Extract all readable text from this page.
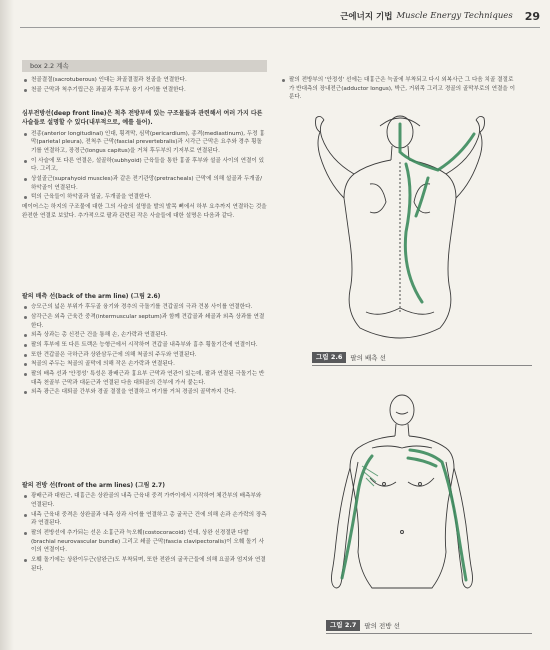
근에너지 기법 Muscle Energy Techniques 29
box 2.2 계속
천골결절(sacrotuberous) 인대는 좌골결절과 천골을 연결한다.
천골 근막과 척추기립근은 좌골과 후두부 융기 사이를 연결한다.
심부전방선(deep front line)은 척추 전방부에 있는 구조물들과 관련해서 여러 가지 다른 사슬들로 설명할 수 있다(내부적으로, 예를 들어).
전종(anterior longitudinal) 인대, 횡격막, 심막(pericardium), 종격(mediastinum), 두정 흉막(parietal pleura), 전척추 근막(fascial prevertebralis)과 시각근 근막은 요추와 경추 횡돌기를 연결하고, 장경근(longus capitus)을 거쳐 후두부의 기저부로 연결된다.
이 사슬에 또 다른 연결은, 설골하(subhyoid) 근육들을 통한 흉골 후부와 설골 사이의 연결이 있다. 그리고,
상설골근(suprahyoid muscles)과 같은 전기관망(pretracheals) 근막에 의해 설골과 두개골/하악골이 연결된다.
턱의 근육들이 하악골과 얼굴, 두개골을 연결한다.
메이어스는 하지의 구조물에 대한 그의 사슬의 설명을 발의 발목 뼈에서 하부 요추까지 연결하는 것을 완전한 연결로 보았다. 추가적으로 팔과 관련된 작은 사슬들에 대한 설명은 다음과 같다.
팔의 배측 선(back of the arm line) (그림 2.6)
승모근의 넓은 부위가 후두골 융기와 경추의 극돌기를 견갑골의 극과 견봉 사이를 연결한다.
삼각근은 외측 근육간 중격(intermuscular septum)과 함께 견갑골과 쇄골과 외측 상과를 연결한다.
외측 상과는 총 신전근 건을 통해 손, 손가락과 연결된다.
팔의 후부에 또 다른 트랙은 능형근에서 시작하여 견갑골 내측부와 흉추 횡돌기간에 연결이다.
또한 견갑골은 극하근과 상완삼두근에 의해 척골의 주두와 연결된다.
척골의 주두는 척골의 골막에 의해 작은 손가락과 연결된다.
팔의 배측 선과 '안정성' 특성은 광배근과 흉요부 근막과 연관이 있는데, 팔과 연결된 극돌기는 반대측 천골부 근막과 대둔근과 연결된 다음 대퇴골의 간부에 가서 붙는다.
외측 광근은 대퇴골 간부와 경골 결절을 연결하고 여기를 거쳐 경골의 골막까지 간다.
팔의 전방 선(front of the arm lines) (그림 2.7)
광배근과 대원근, 대흉근은 상완골의 내측 근육내 중격 가까이에서 시작하여 체간부의 배측부와 연결된다.
내측 근육내 중격은 상완골과 내측 상과 사이를 연결하고 총 굴곡근 건에 의해 손과 손가락의 장측과 연결된다.
팔의 전방선에 추가되는 선은 소흉근과 늑오훼(costocoracoid) 인대, 상완 신경절판 다발(brachial neurovascular bundle) 그리고 쇄골 근막(fascia clavipectoralis)이 오훼 돌기 사이의 연결이다.
오훼 돌기에는 상완이두근(삼완근)도 부착되며, 또한 전완의 굴곡근들에 의해 요골과 엄지와 연결된다.
팔의 전방부의 '안정성' 선에는 대흉근은 늑골에 부착되고 다시 외복사근 그 다음 치골 결절로 가 반대측의 장내전근(adductor longus), 박근, 거위족 그리고 경골의 골막부로의 연결을 이룬다.
그림 2.6	팔의 배측 선
그림 2.7	팔의 전방 선
